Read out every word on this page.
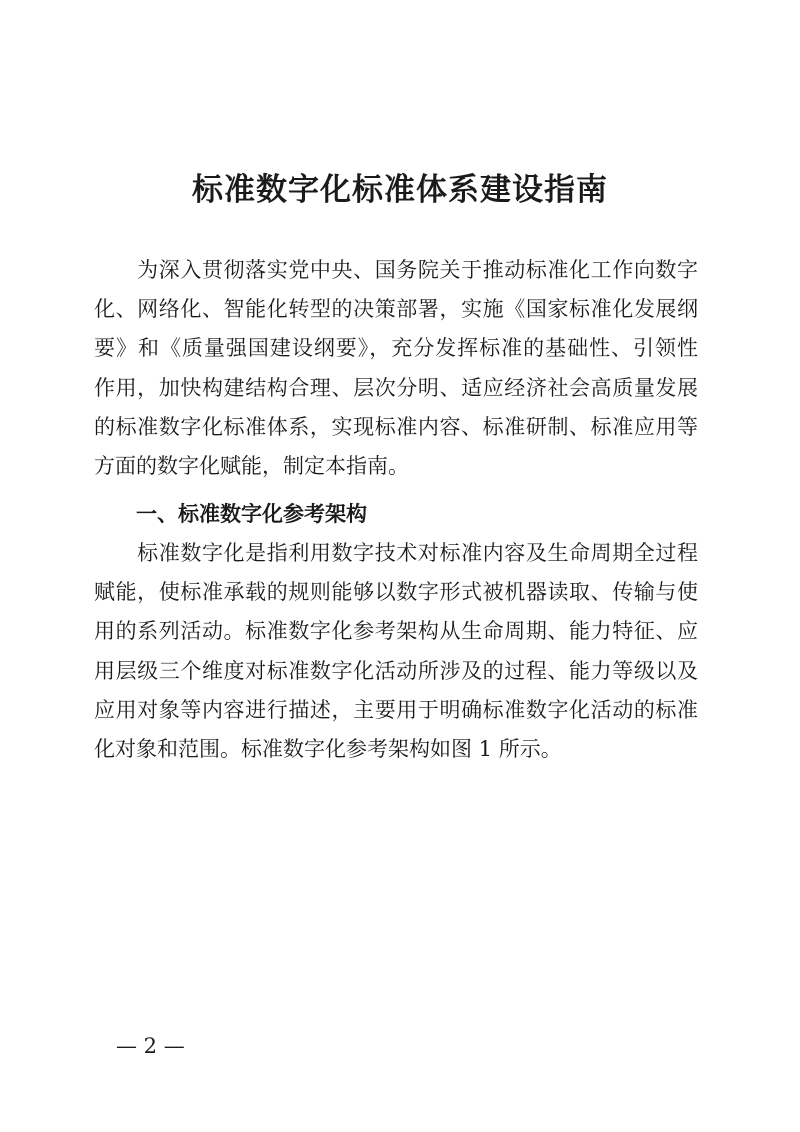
标准数字化标准体系建设指南
　　为深入贯彻落实党中央、国务院关于推动标准化工作向数字
化、网络化、智能化转型的决策部署，实施《国家标准化发展纲
要》和《质量强国建设纲要》，充分发挥标准的基础性、引领性
作用，加快构建结构合理、层次分明、适应经济社会高质量发展
的标准数字化标准体系，实现标准内容、标准研制、标准应用等
方面的数字化赋能，制定本指南。
　　一、标准数字化参考架构
　　标准数字化是指利用数字技术对标准内容及生命周期全过程
赋能，使标准承载的规则能够以数字形式被机器读取、传输与使
用的系列活动。标准数字化参考架构从生命周期、能力特征、应
用层级三个维度对标准数字化活动所涉及的过程、能力等级以及
应用对象等内容进行描述，主要用于明确标准数字化活动的标准
化对象和范围。标准数字化参考架构如图 1 所示。
— 2 —
